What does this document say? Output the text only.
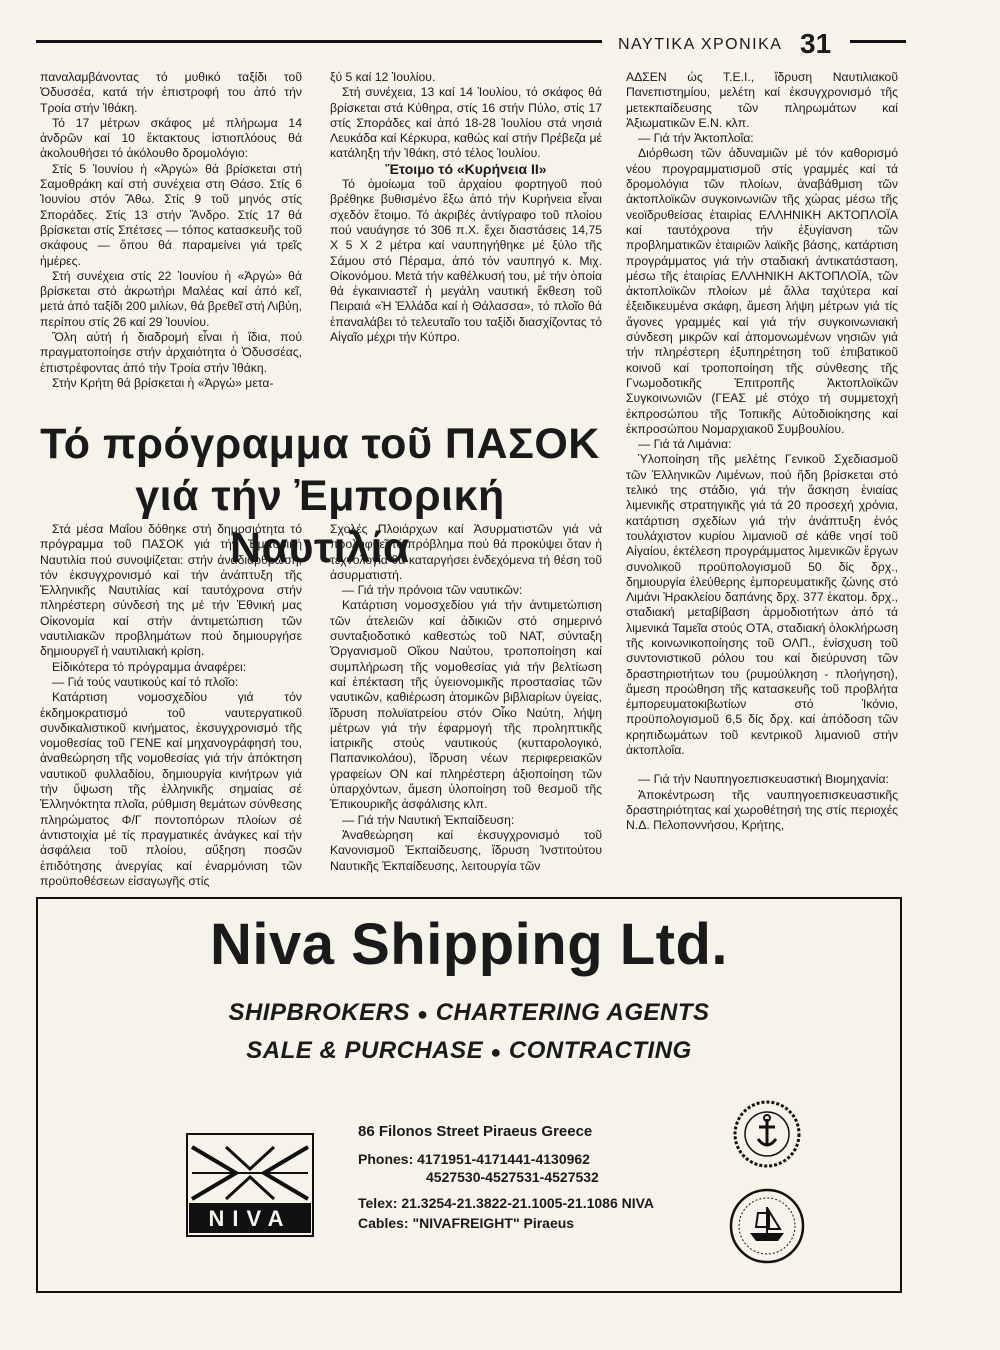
ΝΑΥΤΙΚΑ ΧΡΟΝΙΚΑ 31

παναλαμβάνοντας τό μυθικό ταξίδι τοῦ Ὀδυσσέα, κατά τήν ἐπιστροφή του ἀπό τήν Τροία στήν Ἰθάκη.

Τό 17 μέτρων σκάφος μέ πλήρωμα 14 ἀνδρῶν καί 10 ἔκτακτους ἱστιοπλόους θά ἀκολουθήσει τό ἀκόλουθο δρομολόγιο:

Στίς 5 Ἰουνίου ἡ «Ἀργώ» θά βρίσκεται στή Σαμοθράκη καί στή συνέχεια στη Θάσο. Στίς 6 Ἰουνίου στόν Ἄθω. Στίς 9 τοῦ μηνός στίς Σποράδες. Στίς 13 στήν Ἄνδρο. Στίς 17 θά βρίσκεται στίς Σπέτσες — τόπος κατασκευῆς τοῦ σκάφους — ὅπου θά παραμείνει γιά τρεῖς ἡμέρες.

Στή συνέχεια στίς 22 Ἰουνίου ἡ «Ἀργώ» θά βρίσκεται στό ἀκρωτήρι Μαλέας καί ἀπό κεῖ, μετά ἀπό ταξίδι 200 μιλίων, θά βρεθεῖ στή Λιβύη, περίπου στίς 26 καί 29 Ἰουνίου.

Ὅλη αὐτή ἡ διαδρομή εἶναι ἡ ἴδια, πού πραγματοποίησε στήν ἀρχαιότητα ὁ Ὀδυσσέας, ἐπιστρέφοντας ἀπό τήν Τροία στήν Ἰθάκη.

Στήν Κρήτη θά βρίσκεται ἡ «Ἀργώ» μετα-

ξύ 5 καί 12 Ἰουλίου.

Στή συνέχεια, 13 καί 14 Ἰουλίου, τό σκάφος θά βρίσκεται στά Κύθηρα, στίς 16 στήν Πύλο, στίς 17 στίς Σποράδες καί ἀπό 18-28 Ἰουλίου στά νησιά Λευκάδα καί Κέρκυρα, καθώς καί στήν Πρέβεζα μέ κατάληξη τήν Ἰθάκη, στό τέλος Ἰουλίου.

Ἕτοιμο τό «Κυρήνεια ΙΙ»

Τό ὁμοίωμα τοῦ ἀρχαίου φορτηγοῦ πού βρέθηκε βυθισμένο ἔξω ἀπό τήν Κυρήνεια εἶναι σχεδόν ἕτοιμο. Τό ἀκριβές ἀντίγραφο τοῦ πλοίου πού ναυάγησε τό 306 π.Χ. ἔχει διαστάσεις 14,75 Χ 5 Χ 2 μέτρα καί ναυπηγήθηκε μέ ξύλο τῆς Σάμου στό Πέραμα, ἀπό τόν ναυπηγό κ. Μιχ. Οἰκονόμου. Μετά τήν καθέλκυσή του, μέ τήν ὁποία θά ἐγκαινιαστεῖ ἡ μεγάλη ναυτική ἔκθεση τοῦ Πειραιά «Ἡ Ἑλλάδα καί ἡ Θάλασσα», τό πλοῖο θά ἐπαναλάβει τό τελευταῖο του ταξίδι διασχίζοντας τό Αἰγαῖο μέχρι τήν Κύπρο.

Τό πρόγραμμα τοῦ ΠΑΣΟΚ
γιά τήν Ἐμπορική Ναυτιλία

Στά μέσα Μαΐου δόθηκε στή δημοσιότητα τό πρόγραμμα τοῦ ΠΑΣΟΚ γιά τήν Ἐμπορική Ναυτιλία πού συνοψίζεται: στήν ἀναδιάρθρωση, τόν ἐκσυγχρονισμό καί τήν ἀνάπτυξη τῆς Ἑλληνικῆς Ναυτιλίας καί ταυτόχρονα στήν πληρέστερη σύνδεσή της μέ τήν Ἐθνική μας Οἰκονομία καί στήν ἀντιμετώπιση τῶν ναυτιλιακῶν προβλημάτων πού δημιουργήσε δημιουργεῖ ἡ ναυτιλιακή κρίση.

Εἰδικότερα τό πρόγραμμα ἀναφέρει:

— Γιά τούς ναυτικούς καί τό πλοῖο:

Κατάρτιση νομοσχεδίου γιά τόν ἐκδημοκρατισμό τοῦ ναυτεργατικοῦ συνδικαλιστικοῦ κινήματος, ἐκσυγχρονισμό τῆς νομοθεσίας τοῦ ΓΕΝΕ καί μηχανογράφησή του, ἀναθεώρηση τῆς νομοθεσίας γιά τήν ἀπόκτηση ναυτικοῦ φυλλαδίου, δημιουργία κινήτρων γιά τήν ὕψωση τῆς ἑλληνικῆς σημαίας σέ Ἑλληνόκτητα πλοῖα, ρύθμιση θεμάτων σύνθεσης πληρώματος Φ/Γ ποντοπόρων πλοίων σέ ἀντιστοιχία μέ τίς πραγματικές ἀνάγκες καί τήν ἀσφάλεια τοῦ πλοίου, αὔξηση ποσῶν ἐπιδότησης ἀνεργίας καί ἐναρμόνιση τῶν προϋποθέσεων εἰσαγωγῆς στίς

Σχολές Πλοιάρχων καί Ἀσυρματιστῶν γιά νά προληφθεῖ τό πρόβλημα πού θά προκύψει ὅταν ἡ τεχνολογία θά καταργήσει ἐνδεχόμενα τή θέση τοῦ ἀσυρματιστή.

— Γιά τήν πρόνοια τῶν ναυτικῶν:

Κατάρτιση νομοσχεδίου γιά τήν ἀντιμετώπιση τῶν ἀτελειῶν καί ἀδικιῶν στό σημερινό συνταξιοδοτικό καθεστώς τοῦ ΝΑΤ, σύνταξη Ὀργανισμοῦ Οἴκου Ναύτου, τροποποίηση καί συμπλήρωση τῆς νομοθεσίας γιά τήν βελτίωση καί ἐπέκταση τῆς ὑγειονομικῆς προστασίας τῶν ναυτικῶν, καθιέρωση ἀτομικῶν βιβλιαρίων ὑγείας, ἵδρυση πολυϊατρείου στόν Οἶκο Ναύτη, λήψη μέτρων γιά τήν ἐφαρμογή τῆς προληπτικῆς ἰατρικῆς στούς ναυτικούς (κυτταρολογικό, Παπανικολάου), ἵδρυση νέων περιφερειακῶν γραφείων ΟΝ καί πληρέστερη ἀξιοποίηση τῶν ὑπαρχόντων, ἄμεση ὑλοποίηση τοῦ θεσμοῦ τῆς Ἐπικουρικῆς ἀσφάλισης κλπ.

— Γιά τήν Ναυτική Ἐκπαίδευση:

Ἀναθεώρηση καί ἐκσυγχρονισμό τοῦ Κανονισμοῦ Ἐκπαίδευσης, ἵδρυση Ἰνστιτούτου Ναυτικῆς Ἐκπαίδευσης, λειτουργία τῶν

ΑΔΣΕΝ ὡς Τ.Ε.Ι., ἵδρυση Ναυτιλιακοῦ Πανεπιστημίου, μελέτη καί ἐκσυγχρονισμό τῆς μετεκπαίδευσης τῶν πληρωμάτων καί Ἀξιωματικῶν Ε.Ν. κλπ.

— Γιά τήν Ἀκτοπλοΐα:

Διόρθωση τῶν ἀδυναμιῶν μέ τόν καθορισμό νέου προγραμματισμοῦ στίς γραμμές καί τά δρομολόγια τῶν πλοίων, ἀναβάθμιση τῶν ἀκτοπλοϊκῶν συγκοινωνιῶν τῆς χώρας μέσω τῆς νεοϊδρυθείσας ἑταιρίας ΕΛΛΗΝΙΚΗ ΑΚΤΟΠΛΟΪΑ καί ταυτόχρονα τήν ἐξυγίανση τῶν προβληματικῶν ἑταιριῶν λαϊκῆς βάσης, κατάρτιση προγράμματος γιά τήν σταδιακή ἀντικατάσταση, μέσω τῆς ἑταιρίας ΕΛΛΗΝΙΚΗ ΑΚΤΟΠΛΟΪΑ, τῶν ἀκτοπλοϊκῶν πλοίων μέ ἄλλα ταχύτερα καί ἐξειδικευμένα σκάφη, ἄμεση λήψη μέτρων γιά τίς ἄγονες γραμμές καί γιά τήν συγκοινωνιακή σύνδεση μικρῶν καί ἀπομονωμένων νησιῶν γιά τήν πληρέστερη ἐξυπηρέτηση τοῦ ἐπιβατικοῦ κοινοῦ καί τροποποίηση τῆς σύνθεσης τῆς Γνωμοδοτικῆς Ἐπιτροπῆς Ἀκτοπλοϊκῶν Συγκοινωνιῶν (ΓΕΑΣ μέ στόχο τή συμμετοχή ἐκπροσώπου τῆς Τοπικῆς Αὐτοδιοίκησης καί ἐκπροσώπου Νομαρχιακοῦ Συμβουλίου.

— Γιά τά Λιμάνια:

Ὑλοποίηση τῆς μελέτης Γενικοῦ Σχεδιασμοῦ τῶν Ἑλληνικῶν Λιμένων, πού ἤδη βρίσκεται στό τελικό της στάδιο, γιά τήν ἄσκηση ἑνιαίας λιμενικῆς στρατηγικῆς γιά τά 20 προσεχή χρόνια, κατάρτιση σχεδίων γιά τήν ἀνάπτυξη ἑνός τουλάχιστον κυρίου λιμανιοῦ σέ κάθε νησί τοῦ Αἰγαίου, ἐκτέλεση προγράμματος λιμενικῶν ἔργων συνολικοῦ προϋπολογισμοῦ 50 δίς δρχ., δημιουργία ἐλεύθερης ἐμπορευματικῆς ζώνης στό Λιμάνι Ἡρακλείου δαπάνης δρχ. 377 ἑκατομ. δρχ., σταδιακή μεταβίβαση ἁρμοδιοτήτων ἀπό τά λιμενικά Ταμεῖα στούς ΟΤΑ, σταδιακή ὁλοκλήρωση τῆς κοινωνικοποίησης τοῦ ΟΛΠ., ἐνίσχυση τοῦ συντονιστικοῦ ρόλου του καί διεύρυνση τῶν δραστηριοτήτων του (ρυμούλκηση - πλοήγηση), ἄμεση προώθηση τῆς κατασκευῆς τοῦ προβλήτα ἐμπορευματοκιβωτίων στό Ἰκόνιο, προϋπολογισμοῦ 6,5 δίς δρχ. καί ἀπόδοση τῶν κρηπιδωμάτων τοῦ κεντρικοῦ λιμανιοῦ στήν ἀκτοπλοΐα.

— Γιά τήν Ναυπηγοεπισκευαστική Βιομηχανία:

Ἀποκέντρωση τῆς ναυπηγοεπισκευαστικῆς δραστηριότητας καί χωροθέτησή της στίς περιοχές Ν.Δ. Πελοποννήσου, Κρήτης,

Niva Shipping Ltd.
SHIPBROKERS ● CHARTERING AGENTS
SALE & PURCHASE ● CONTRACTING
NIVA
86 Filonos Street Piraeus Greece
Phones: 4171951-4171441-4130962
4527530-4527531-4527532
Telex: 21.3254-21.3822-21.1005-21.1086 NIVA
Cables: "NIVAFREIGHT" Piraeus
